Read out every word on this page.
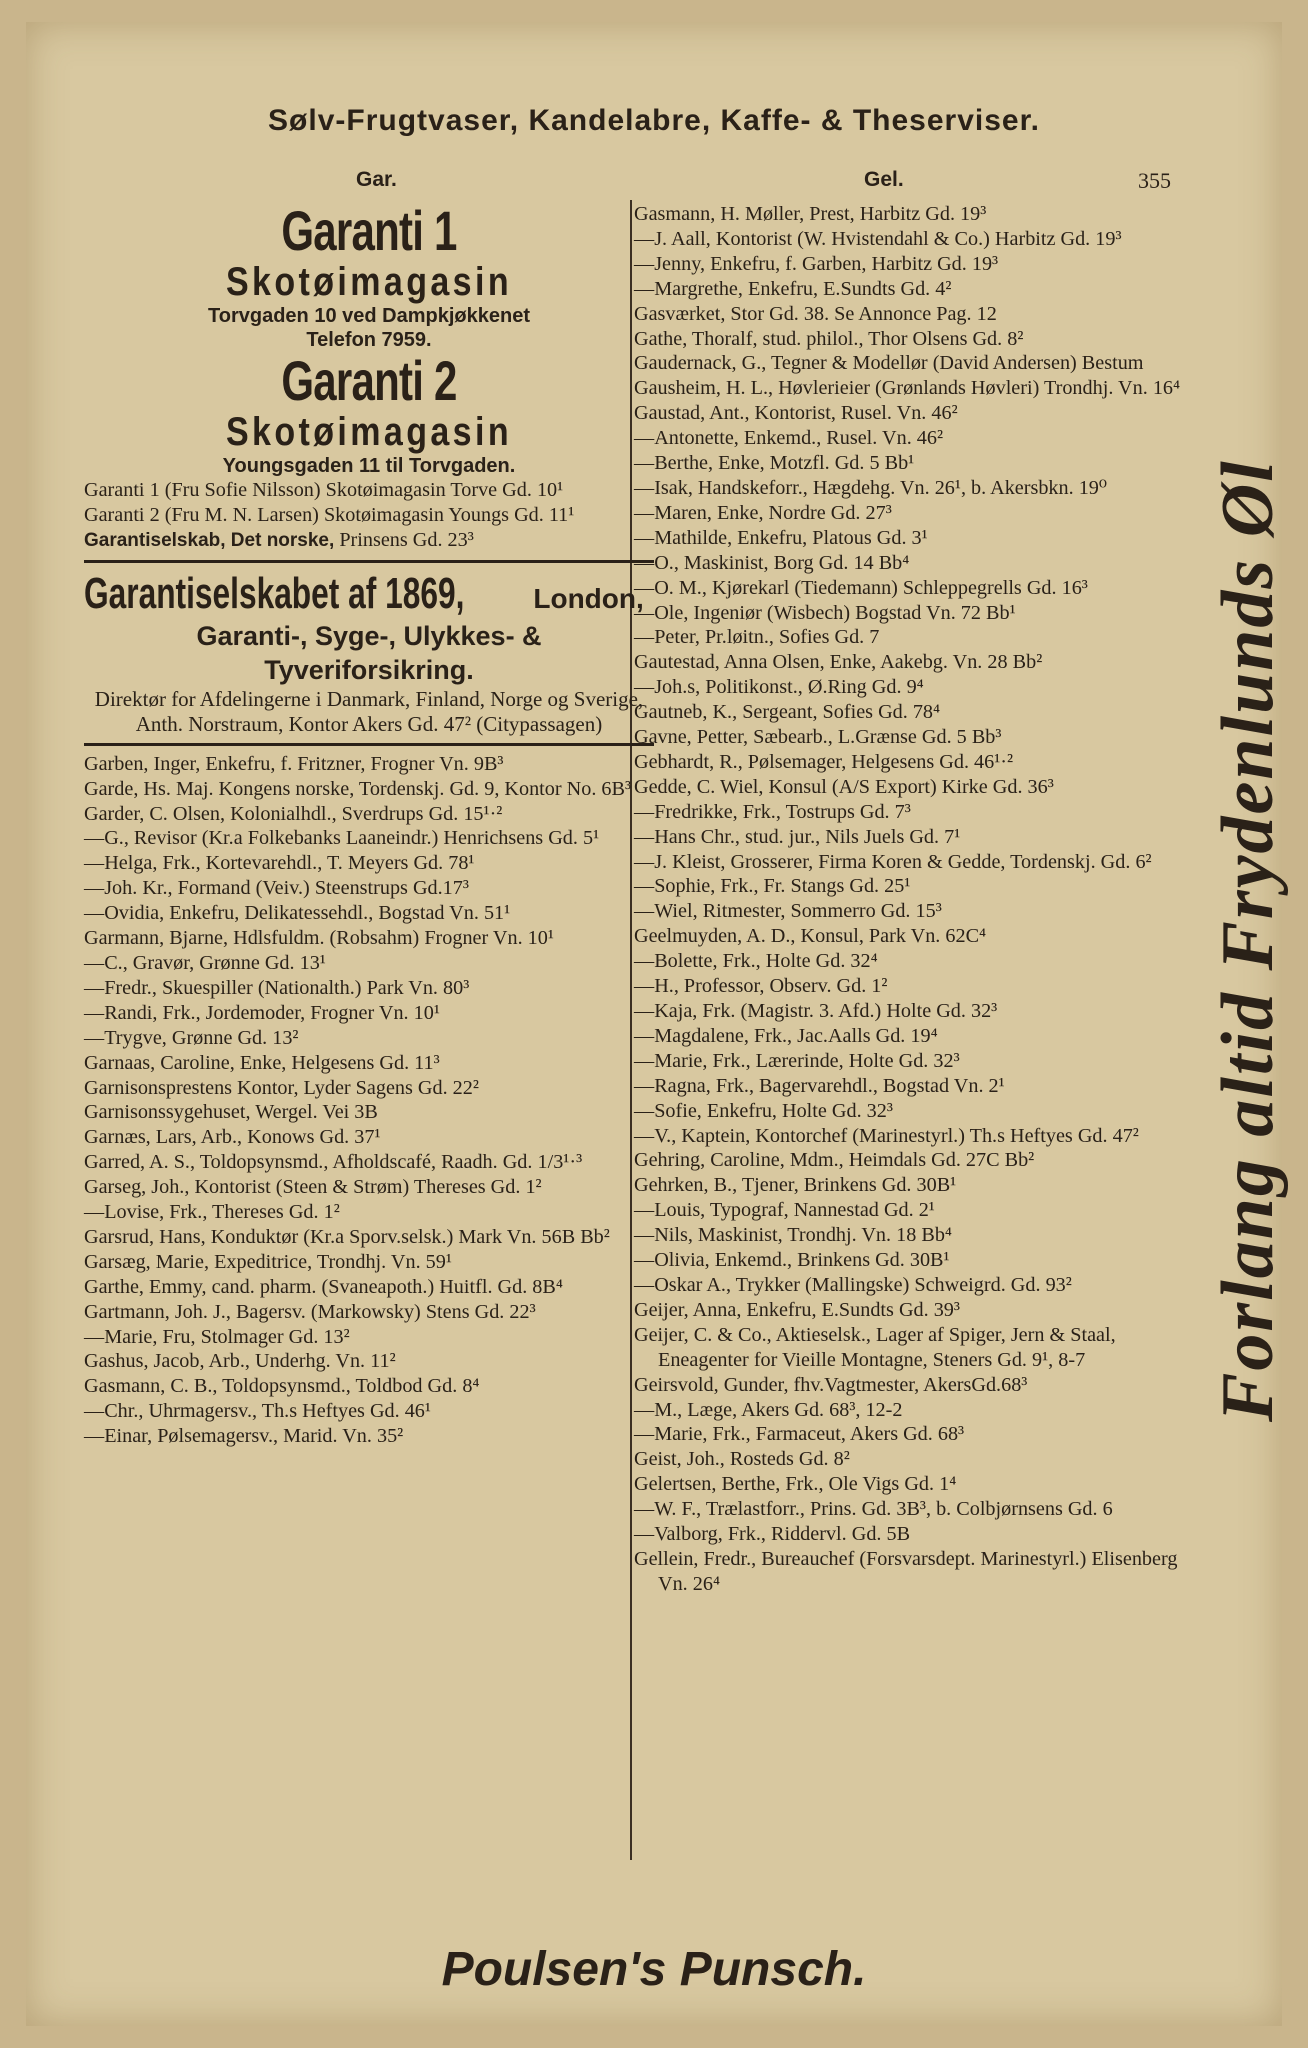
Sølv-Frugtvaser, Kandelabre, Kaffe- & Theserviser.
Gar.	Gel.	355
Garanti 1
Skotøimagasin
Torvgaden 10 ved Dampkjøkkenet
Telefon 7959.
Garanti 2
Skotøimagasin
Youngsgaden 11 til Torvgaden.

Garanti 1 (Fru Sofie Nilsson) Skotøimagasin Torve Gd. 10¹

Garanti 2 (Fru M. N. Larsen) Skotøimagasin Youngs Gd. 11¹

Garantiselskab, Det norske, Prinsens Gd. 23³

Garantiselskabet af 1869, London,
Garanti-, Syge-, Ulykkes- &
Tyveriforsikring.
Direktør for Afdelingerne i Danmark, Finland, Norge og Sverige, Anth. Norstraum, Kontor Akers Gd. 47² (Citypassagen)

Garben, Inger, Enkefru, f. Fritzner, Frogner Vn. 9B³

Garde, Hs. Maj. Kongens norske, Tordenskj. Gd. 9, Kontor No. 6B³

Garder, C. Olsen, Kolonialhdl., Sverdrups Gd. 15¹·²

—G., Revisor (Kr.a Folkebanks Laaneindr.) Henrichsens Gd. 5¹

—Helga, Frk., Kortevarehdl., T. Meyers Gd. 78¹

—Joh. Kr., Formand (Veiv.) Steenstrups Gd.17³

—Ovidia, Enkefru, Delikatessehdl., Bogstad Vn. 51¹

Garmann, Bjarne, Hdlsfuldm. (Robsahm) Frogner Vn. 10¹

—C., Gravør, Grønne Gd. 13¹

—Fredr., Skuespiller (Nationalth.) Park Vn. 80³

—Randi, Frk., Jordemoder, Frogner Vn. 10¹

—Trygve, Grønne Gd. 13²

Garnaas, Caroline, Enke, Helgesens Gd. 11³

Garnisonsprestens Kontor, Lyder Sagens Gd. 22²

Garnisonssygehuset, Wergel. Vei 3B

Garnæs, Lars, Arb., Konows Gd. 37¹

Garred, A. S., Toldopsynsmd., Afholdscafé, Raadh. Gd. 1/3¹·³

Garseg, Joh., Kontorist (Steen & Strøm) Thereses Gd. 1²

—Lovise, Frk., Thereses Gd. 1²

Garsrud, Hans, Konduktør (Kr.a Sporv.selsk.) Mark Vn. 56B Bb²

Garsæg, Marie, Expeditrice, Trondhj. Vn. 59¹

Garthe, Emmy, cand. pharm. (Svaneapoth.) Huitfl. Gd. 8B⁴

Gartmann, Joh. J., Bagersv. (Markowsky) Stens Gd. 22³

—Marie, Fru, Stolmager Gd. 13²

Gashus, Jacob, Arb., Underhg. Vn. 11²

Gasmann, C. B., Toldopsynsmd., Toldbod Gd. 8⁴

—Chr., Uhrmagersv., Th.s Heftyes Gd. 46¹

—Einar, Pølsemagersv., Marid. Vn. 35²

Gasmann, H. Møller, Prest, Harbitz Gd. 19³

—J. Aall, Kontorist (W. Hvistendahl & Co.) Harbitz Gd. 19³

—Jenny, Enkefru, f. Garben, Harbitz Gd. 19³

—Margrethe, Enkefru, E.Sundts Gd. 4²

Gasværket, Stor Gd. 38. Se Annonce Pag. 12

Gathe, Thoralf, stud. philol., Thor Olsens Gd. 8²

Gaudernack, G., Tegner & Modellør (David Andersen) Bestum

Gausheim, H. L., Høvlerieier (Grønlands Høvleri) Trondhj. Vn. 16⁴

Gaustad, Ant., Kontorist, Rusel. Vn. 46²

—Antonette, Enkemd., Rusel. Vn. 46²

—Berthe, Enke, Motzfl. Gd. 5 Bb¹

—Isak, Handskeforr., Hægdehg. Vn. 26¹, b. Akersbkn. 19⁰

—Maren, Enke, Nordre Gd. 27³

—Mathilde, Enkefru, Platous Gd. 3¹

—O., Maskinist, Borg Gd. 14 Bb⁴

—O. M., Kjørekarl (Tiedemann) Schleppegrells Gd. 16³

—Ole, Ingeniør (Wisbech) Bogstad Vn. 72 Bb¹

—Peter, Pr.løitn., Sofies Gd. 7

Gautestad, Anna Olsen, Enke, Aakebg. Vn. 28 Bb²

—Joh.s, Politikonst., Ø.Ring Gd. 9⁴

Gautneb, K., Sergeant, Sofies Gd. 78⁴

Gavne, Petter, Sæbearb., L.Grænse Gd. 5 Bb³

Gebhardt, R., Pølsemager, Helgesens Gd. 46¹·²

Gedde, C. Wiel, Konsul (A/S Export) Kirke Gd. 36³

—Fredrikke, Frk., Tostrups Gd. 7³

—Hans Chr., stud. jur., Nils Juels Gd. 7¹

—J. Kleist, Grosserer, Firma Koren & Gedde, Tordenskj. Gd. 6²

—Sophie, Frk., Fr. Stangs Gd. 25¹

—Wiel, Ritmester, Sommerro Gd. 15³

Geelmuyden, A. D., Konsul, Park Vn. 62C⁴

—Bolette, Frk., Holte Gd. 32⁴

—H., Professor, Observ. Gd. 1²

—Kaja, Frk. (Magistr. 3. Afd.) Holte Gd. 32³

—Magdalene, Frk., Jac.Aalls Gd. 19⁴

—Marie, Frk., Lærerinde, Holte Gd. 32³

—Ragna, Frk., Bagervarehdl., Bogstad Vn. 2¹

—Sofie, Enkefru, Holte Gd. 32³

—V., Kaptein, Kontorchef (Marinestyrl.) Th.s Heftyes Gd. 47²

Gehring, Caroline, Mdm., Heimdals Gd. 27C Bb²

Gehrken, B., Tjener, Brinkens Gd. 30B¹

—Louis, Typograf, Nannestad Gd. 2¹

—Nils, Maskinist, Trondhj. Vn. 18 Bb⁴

—Olivia, Enkemd., Brinkens Gd. 30B¹

—Oskar A., Trykker (Mallingske) Schweigrd. Gd. 93²

Geijer, Anna, Enkefru, E.Sundts Gd. 39³

Geijer, C. & Co., Aktieselsk., Lager af Spiger, Jern & Staal, Eneagenter for Vieille Montagne, Steners Gd. 9¹, 8-7

Geirsvold, Gunder, fhv.Vagtmester, AkersGd.68³

—M., Læge, Akers Gd. 68³, 12-2

—Marie, Frk., Farmaceut, Akers Gd. 68³

Geist, Joh., Rosteds Gd. 8²

Gelertsen, Berthe, Frk., Ole Vigs Gd. 1⁴

—W. F., Trælastforr., Prins. Gd. 3B³, b. Colbjørnsens Gd. 6

—Valborg, Frk., Riddervl. Gd. 5B

Gellein, Fredr., Bureauchef (Forsvarsdept. Marinestyrl.) Elisenberg Vn. 26⁴

Forlang altid Frydenlunds Øl
Poulsen's Punsch.
